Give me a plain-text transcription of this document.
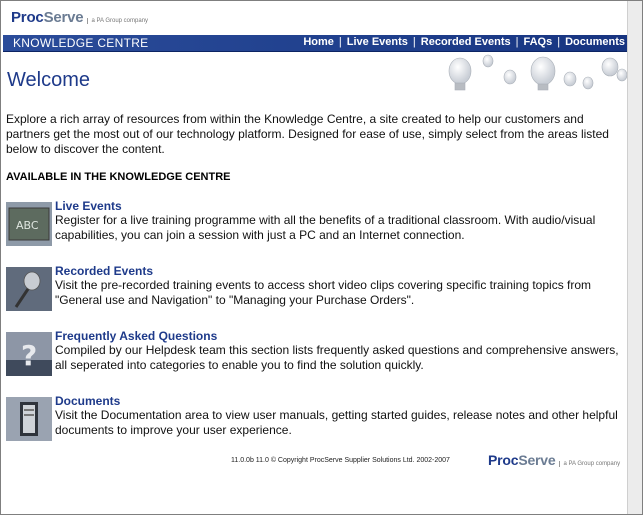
ProcServe	a PA Group company
KNOWLEDGE CENTRE	Home | Live Events | Recorded Events | FAQs | Documents
Welcome

Explore a rich array of resources from within the Knowledge Centre, a site created to help our customers and partners get the most out of our technology platform. Designed for ease of use, simply select from the areas listed below to discover the content.

AVAILABLE IN THE KNOWLEDGE CENTRE
ABC
Live Events

Register for a live training programme with all the benefits of a traditional classroom. With audio/visual capabilities, you can join a session with just a PC and an Internet connection.

Recorded Events

Visit the pre-recorded training events to access short video clips covering specific training topics from "General use and Navigation" to "Managing your Purchase Orders".

?
Frequently Asked Questions

Compiled by our Helpdesk team this section lists frequently asked questions and comprehensive answers, all seperated into categories to enable you to find the solution quickly.

Documents

Visit the Documentation area to view user manuals, getting started guides, release notes and other helpful documents to improve your user experience.

11.0.0b 11.0 © Copyright ProcServe Supplier Solutions Ltd. 2002-2007	ProcServe	a PA Group company
